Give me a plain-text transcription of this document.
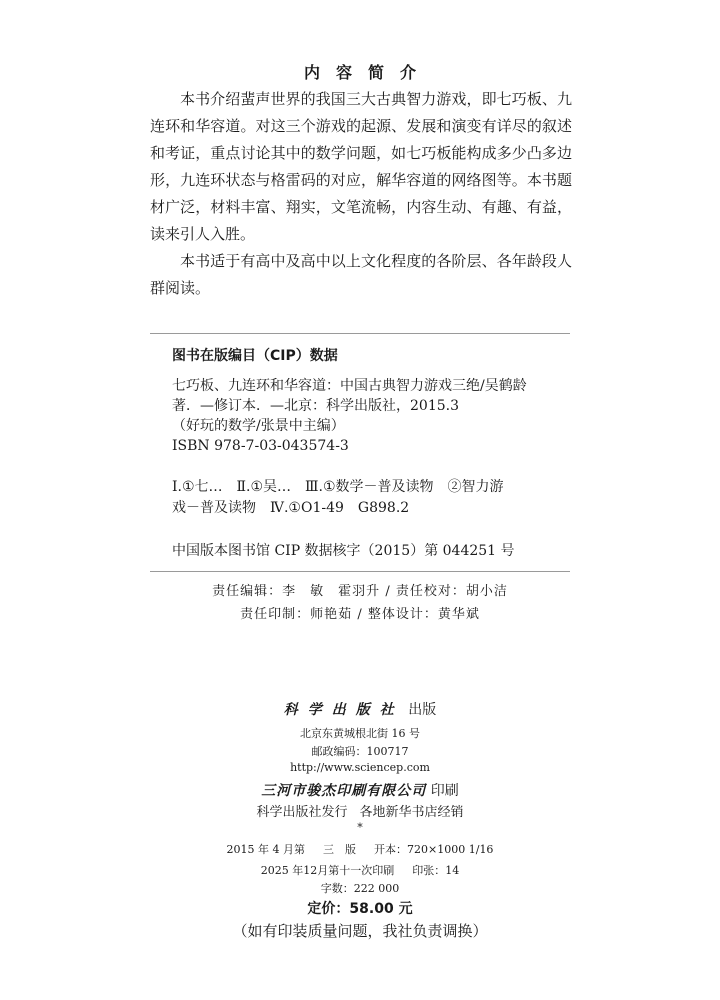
内容简介

本书介绍蜚声世界的我国三大古典智力游戏，即七巧板、九连环和华容道。对这三个游戏的起源、发展和演变有详尽的叙述和考证，重点讨论其中的数学问题，如七巧板能构成多少凸多边形，九连环状态与格雷码的对应，解华容道的网络图等。本书题材广泛，材料丰富、翔实，文笔流畅，内容生动、有趣、有益，读来引人入胜。

本书适于有高中及高中以上文化程度的各阶层、各年龄段人群阅读。

图书在版编目（CIP）数据
七巧板、九连环和华容道：中国古典智力游戏三绝/吴鹤龄
著．—修订本．—北京：科学出版社，2015.3
（好玩的数学/张景中主编）
ISBN 978-7-03-043574-3
Ⅰ.①七…　Ⅱ.①吴…　Ⅲ.①数学－普及读物　②智力游
戏－普及读物　Ⅳ.①O1-49　G898.2
中国版本图书馆 CIP 数据核字（2015）第 044251 号
责任编辑：李　敏 霍羽升 / 责任校对：胡小洁
责任印制：师艳茹 / 整体设计：黄华斌
科学出版社 出版
北京东黄城根北街 16 号
邮政编码：100717
http://www.sciencep.com
三河市骏杰印刷有限公司 印刷
科学出版社发行 各地新华书店经销
*
2015 年 4 月第 三　版 开本：720×1000 1/16
2025 年12月第十一次印刷 印张：14
字数：222 000
定价：58.00 元
（如有印装质量问题，我社负责调换）
